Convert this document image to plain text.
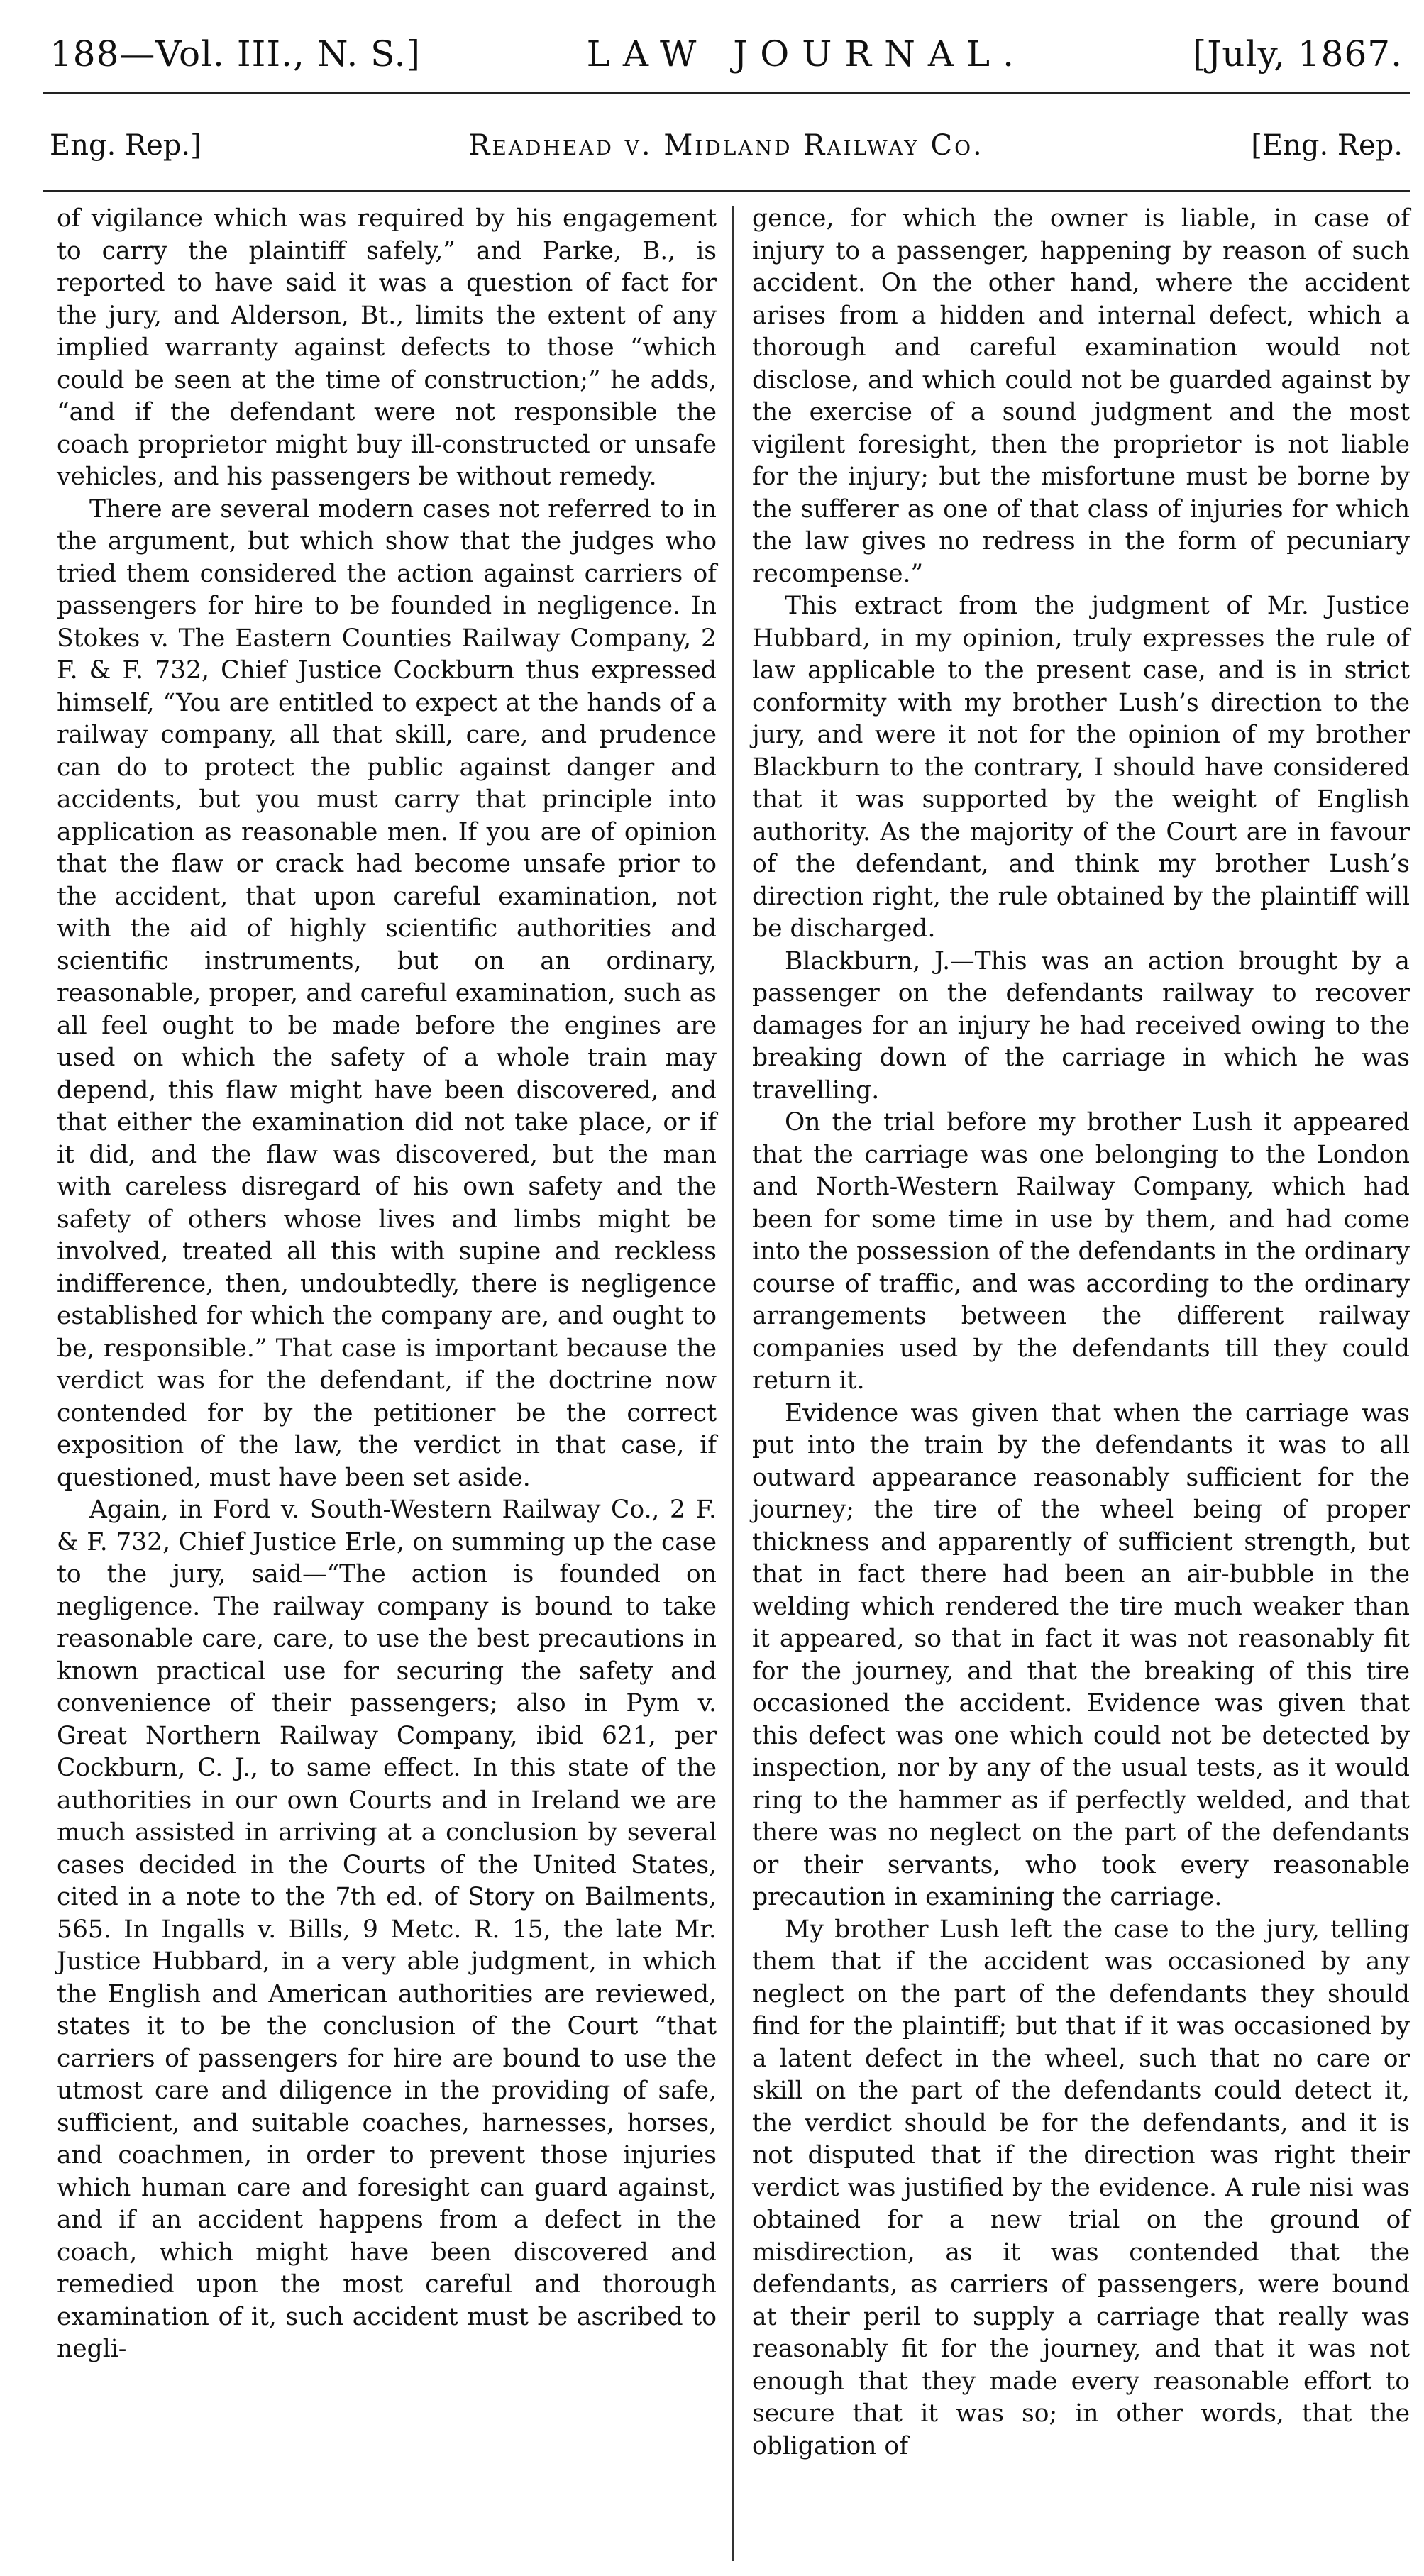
188—Vol. III., N. S.]	LAW JOURNAL.	[July, 1867.
Eng. Rep.]	Readhead v. Midland Railway Co.	[Eng. Rep.

of vigilance which was required by his engagement to carry the plaintiff safely,” and Parke, B., is reported to have said it was a question of fact for the jury, and Alderson, Bt., limits the extent of any implied warranty against defects to those “which could be seen at the time of construction;” he adds, “and if the defendant were not responsible the coach proprietor might buy ill-constructed or unsafe vehicles, and his passengers be without remedy.

There are several modern cases not referred to in the argument, but which show that the judges who tried them considered the action against carriers of passengers for hire to be founded in negligence. In Stokes v. The Eastern Counties Railway Company, 2 F. & F. 732, Chief Justice Cockburn thus expressed himself, “You are entitled to expect at the hands of a railway company, all that skill, care, and prudence can do to protect the public against danger and accidents, but you must carry that principle into application as reasonable men. If you are of opinion that the flaw or crack had become unsafe prior to the accident, that upon careful examination, not with the aid of highly scientific authorities and scientific instruments, but on an ordinary, reasonable, proper, and careful examination, such as all feel ought to be made before the engines are used on which the safety of a whole train may depend, this flaw might have been discovered, and that either the examination did not take place, or if it did, and the flaw was discovered, but the man with careless disregard of his own safety and the safety of others whose lives and limbs might be involved, treated all this with supine and reckless indifference, then, undoubtedly, there is negligence established for which the company are, and ought to be, responsible.” That case is important because the verdict was for the defendant, if the doctrine now contended for by the petitioner be the correct exposition of the law, the verdict in that case, if questioned, must have been set aside.

Again, in Ford v. South-Western Railway Co., 2 F. & F. 732, Chief Justice Erle, on summing up the case to the jury, said—“The action is founded on negligence. The railway company is bound to take reasonable care, care, to use the best precautions in known practical use for securing the safety and convenience of their passengers; also in Pym v. Great Northern Railway Company, ibid 621, per Cockburn, C. J., to same effect. In this state of the authorities in our own Courts and in Ireland we are much assisted in arriving at a conclusion by several cases decided in the Courts of the United States, cited in a note to the 7th ed. of Story on Bailments, 565. In Ingalls v. Bills, 9 Metc. R. 15, the late Mr. Justice Hubbard, in a very able judgment, in which the English and American authorities are reviewed, states it to be the conclusion of the Court “that carriers of passengers for hire are bound to use the utmost care and diligence in the providing of safe, sufficient, and suitable coaches, harnesses, horses, and coachmen, in order to prevent those injuries which human care and foresight can guard against, and if an accident happens from a defect in the coach, which might have been discovered and remedied upon the most careful and thorough examination of it, such accident must be ascribed to negli-

gence, for which the owner is liable, in case of injury to a passenger, happening by reason of such accident. On the other hand, where the accident arises from a hidden and internal defect, which a thorough and careful examination would not disclose, and which could not be guarded against by the exercise of a sound judgment and the most vigilent foresight, then the proprietor is not liable for the injury; but the misfortune must be borne by the sufferer as one of that class of injuries for which the law gives no redress in the form of pecuniary recompense.”

This extract from the judgment of Mr. Justice Hubbard, in my opinion, truly expresses the rule of law applicable to the present case, and is in strict conformity with my brother Lush’s direction to the jury, and were it not for the opinion of my brother Blackburn to the contrary, I should have considered that it was supported by the weight of English authority. As the majority of the Court are in favour of the defendant, and think my brother Lush’s direction right, the rule obtained by the plaintiff will be discharged.

Blackburn, J.—This was an action brought by a passenger on the defendants railway to recover damages for an injury he had received owing to the breaking down of the carriage in which he was travelling.

On the trial before my brother Lush it appeared that the carriage was one belonging to the London and North-Western Railway Company, which had been for some time in use by them, and had come into the possession of the defendants in the ordinary course of traffic, and was according to the ordinary arrangements between the different railway companies used by the defendants till they could return it.

Evidence was given that when the carriage was put into the train by the defendants it was to all outward appearance reasonably sufficient for the journey; the tire of the wheel being of proper thickness and apparently of sufficient strength, but that in fact there had been an air-bubble in the welding which rendered the tire much weaker than it appeared, so that in fact it was not reasonably fit for the journey, and that the breaking of this tire occasioned the accident. Evidence was given that this defect was one which could not be detected by inspection, nor by any of the usual tests, as it would ring to the hammer as if perfectly welded, and that there was no neglect on the part of the defendants or their servants, who took every reasonable precaution in examining the carriage.

My brother Lush left the case to the jury, telling them that if the accident was occasioned by any neglect on the part of the defendants they should find for the plaintiff; but that if it was occasioned by a latent defect in the wheel, such that no care or skill on the part of the defendants could detect it, the verdict should be for the defendants, and it is not disputed that if the direction was right their verdict was justified by the evidence. A rule nisi was obtained for a new trial on the ground of misdirection, as it was contended that the defendants, as carriers of passengers, were bound at their peril to supply a carriage that really was reasonably fit for the journey, and that it was not enough that they made every reasonable effort to secure that it was so; in other words, that the obligation of
